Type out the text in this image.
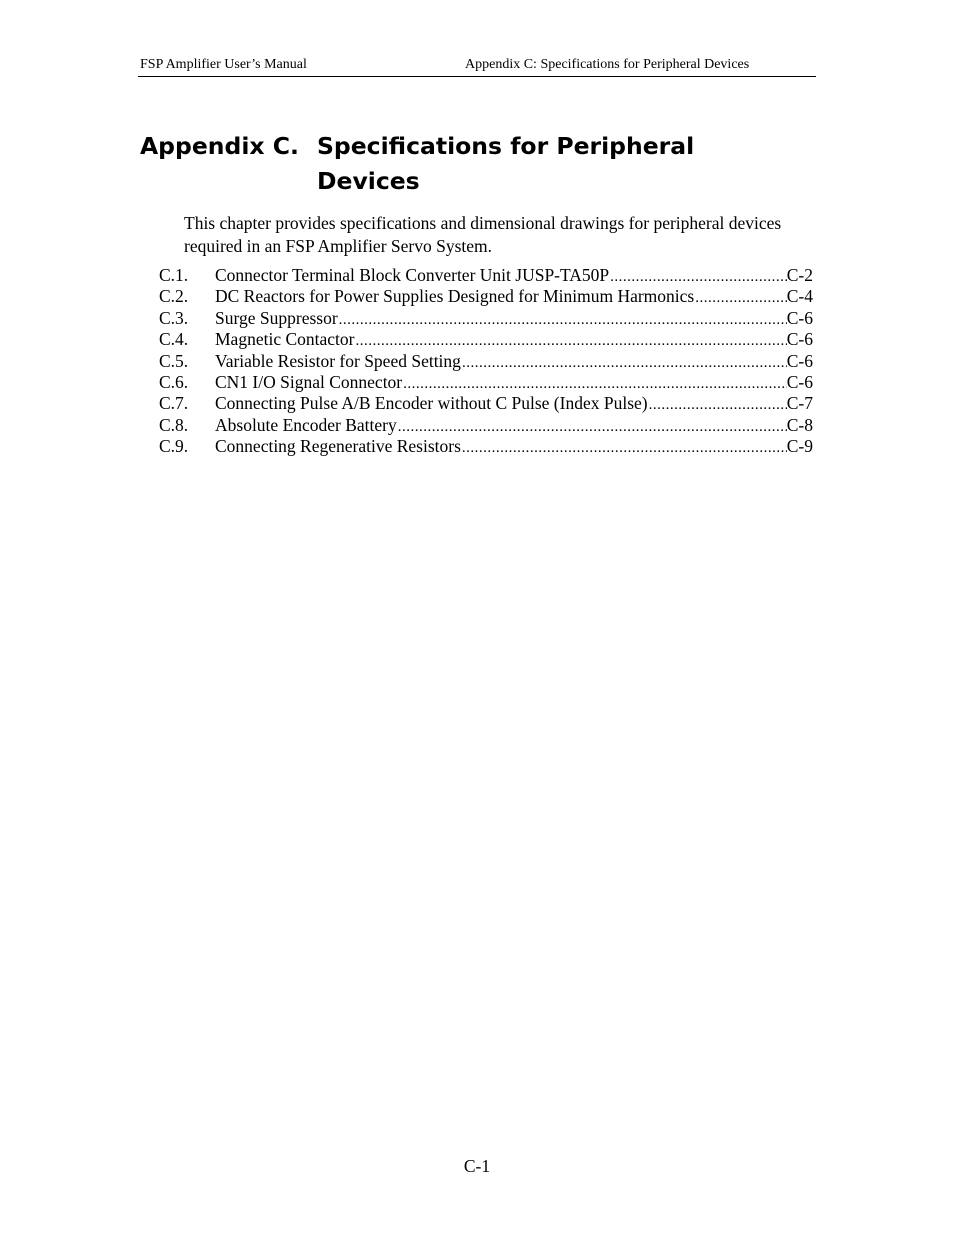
FSP Amplifier User’s Manual	Appendix C: Specifications for Peripheral Devices
Appendix C. Specifications for Peripheral Devices

This chapter provides specifications and dimensional drawings for peripheral devices required in an FSP Amplifier Servo System.

C.1.	Connector Terminal Block Converter Unit JUSP-TA50P .....	C-2
C.2.	DC Reactors for Power Supplies Designed for Minimum Harmonics .....	C-4
C.3.	Surge Suppressor .....	C-6
C.4.	Magnetic Contactor .....	C-6
C.5.	Variable Resistor for Speed Setting .....	C-6
C.6.	CN1 I/O Signal Connector .....	C-6
C.7.	Connecting Pulse A/B Encoder without C Pulse (Index Pulse) .....	C-7
C.8.	Absolute Encoder Battery .....	C-8
C.9.	Connecting Regenerative Resistors .....	C-9
C-1
